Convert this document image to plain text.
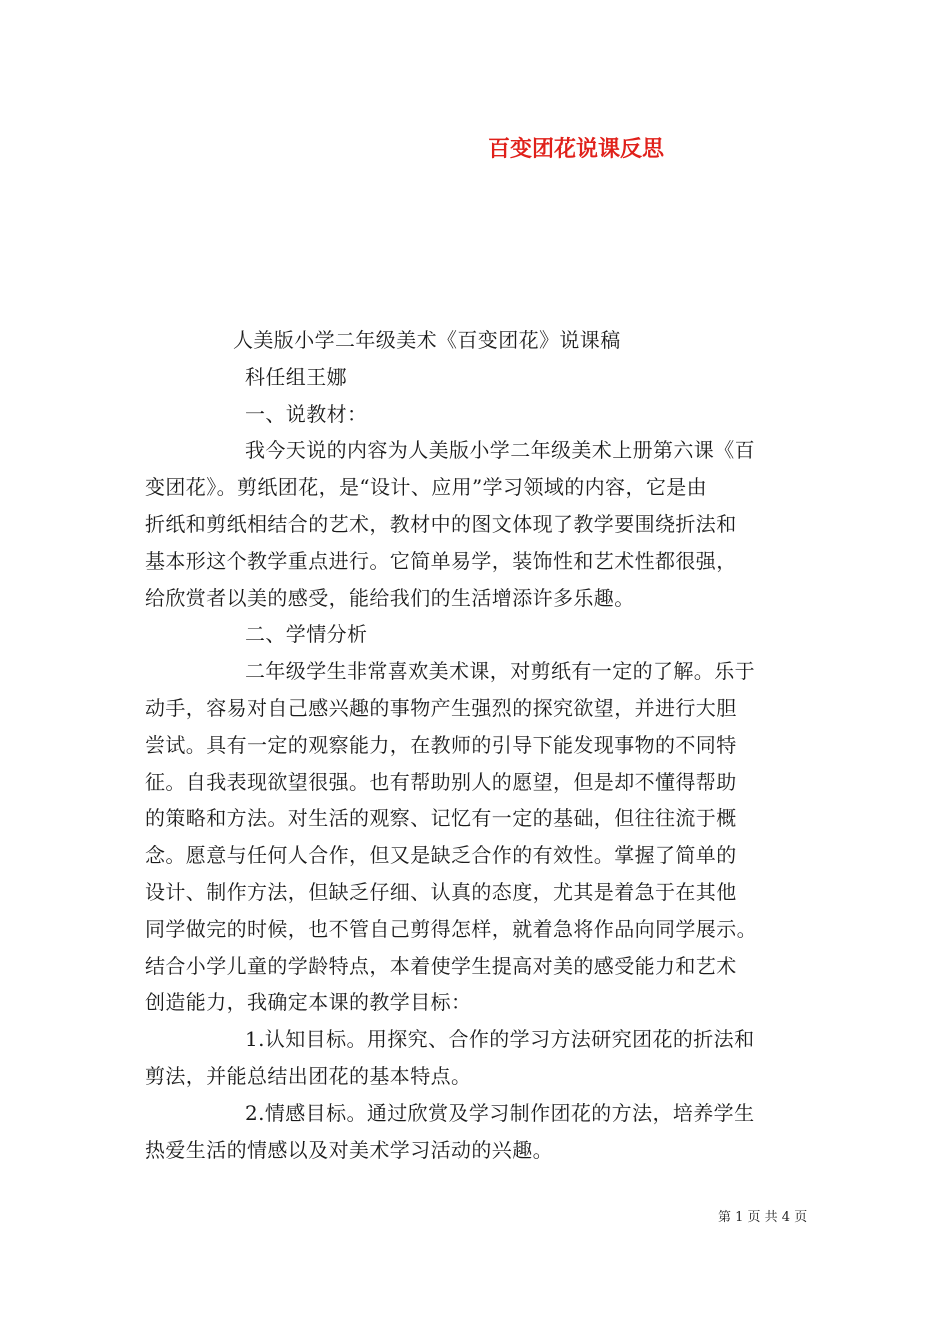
百变团花说课反思
人美版小学二年级美术《百变团花》说课稿
科任组王娜
一、说教材：
我今天说的内容为人美版小学二年级美术上册第六课《百
变团花》。剪纸团花，是“设计、应用”学习领域的内容，它是由
折纸和剪纸相结合的艺术，教材中的图文体现了教学要围绕折法和
基本形这个教学重点进行。它简单易学，装饰性和艺术性都很强，
给欣赏者以美的感受，能给我们的生活增添许多乐趣。
二、学情分析
二年级学生非常喜欢美术课，对剪纸有一定的了解。乐于
动手，容易对自己感兴趣的事物产生强烈的探究欲望，并进行大胆
尝试。具有一定的观察能力，在教师的引导下能发现事物的不同特
征。自我表现欲望很强。也有帮助别人的愿望，但是却不懂得帮助
的策略和方法。对生活的观察、记忆有一定的基础，但往往流于概
念。愿意与任何人合作，但又是缺乏合作的有效性。掌握了简单的
设计、制作方法，但缺乏仔细、认真的态度，尤其是着急于在其他
同学做完的时候，也不管自己剪得怎样，就着急将作品向同学展示。
结合小学儿童的学龄特点，本着使学生提高对美的感受能力和艺术
创造能力，我确定本课的教学目标：
1.认知目标。用探究、合作的学习方法研究团花的折法和
剪法，并能总结出团花的基本特点。
2.情感目标。通过欣赏及学习制作团花的方法，培养学生
热爱生活的情感以及对美术学习活动的兴趣。
第 1 页 共 4 页
